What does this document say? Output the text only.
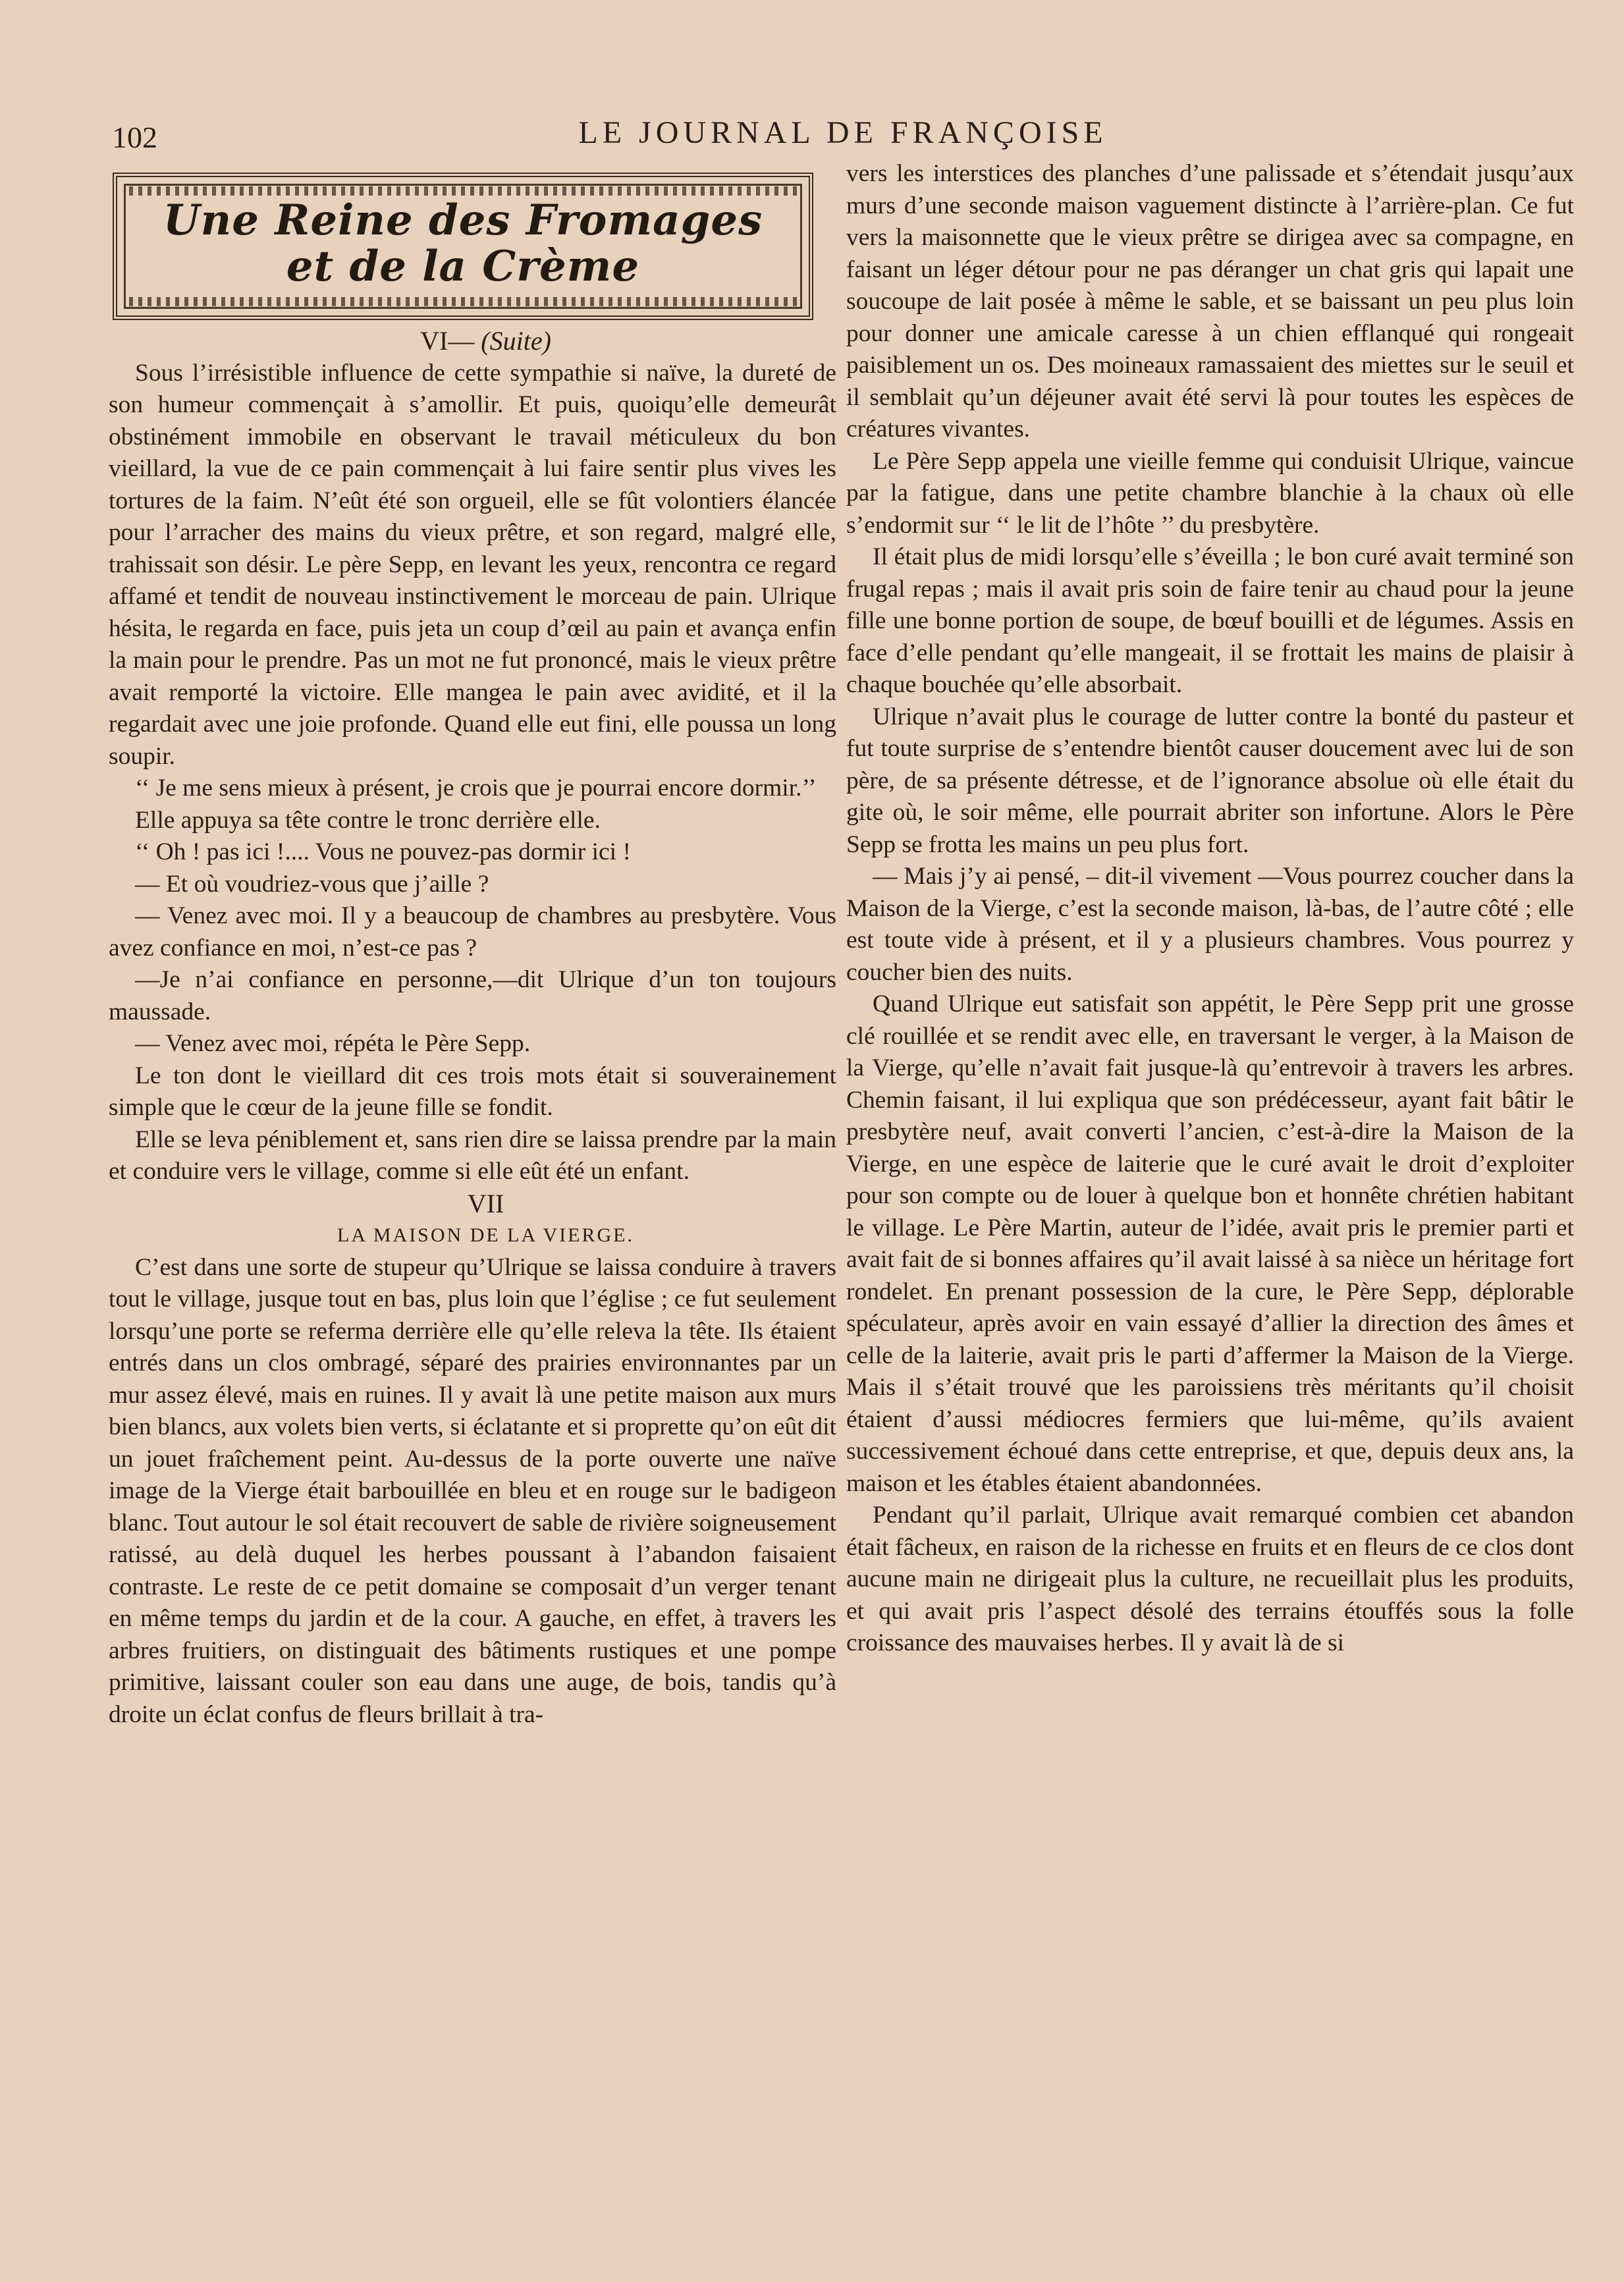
102	LE JOURNAL DE FRANÇOISE
Une Reine des Fromages
et de la Crème

VI— (Suite)

Sous l’irrésistible influence de cette sympathie si naïve, la dureté de son humeur commençait à s’amollir. Et puis, quoiqu’elle demeurât obstinément immobile en observant le travail méticuleux du bon vieillard, la vue de ce pain commençait à lui faire sentir plus vives les tortures de la faim. N’eût été son orgueil, elle se fût volontiers élancée pour l’arracher des mains du vieux prêtre, et son regard, malgré elle, trahissait son désir. Le père Sepp, en levant les yeux, rencontra ce regard affamé et tendit de nouveau instinctivement le morceau de pain. Ulrique hésita, le regarda en face, puis jeta un coup d’œil au pain et avança enfin la main pour le prendre. Pas un mot ne fut prononcé, mais le vieux prêtre avait remporté la victoire. Elle mangea le pain avec avidité, et il la regardait avec une joie profonde. Quand elle eut fini, elle poussa un long soupir.

‘‘ Je me sens mieux à présent, je crois que je pourrai encore dormir.’’

Elle appuya sa tête contre le tronc derrière elle.

‘‘ Oh ! pas ici !.... Vous ne pouvez-pas dormir ici !

— Et où voudriez-vous que j’aille ?

— Venez avec moi. Il y a beaucoup de chambres au presbytère. Vous avez confiance en moi, n’est-ce pas ?

—Je n’ai confiance en personne,—dit Ulrique d’un ton toujours maussade.

— Venez avec moi, répéta le Père Sepp.

Le ton dont le vieillard dit ces trois mots était si souverainement simple que le cœur de la jeune fille se fondit.

Elle se leva péniblement et, sans rien dire se laissa prendre par la main et conduire vers le village, comme si elle eût été un enfant.

VII

LA MAISON DE LA VIERGE.

C’est dans une sorte de stupeur qu’Ulrique se laissa conduire à travers tout le village, jusque tout en bas, plus loin que l’église ; ce fut seulement lorsqu’une porte se referma derrière elle qu’elle releva la tête. Ils étaient entrés dans un clos ombragé, séparé des prairies environnantes par un mur assez élevé, mais en ruines. Il y avait là une petite maison aux murs bien blancs, aux volets bien verts, si éclatante et si proprette qu’on eût dit un jouet fraîchement peint. Au-dessus de la porte ouverte une naïve image de la Vierge était barbouillée en bleu et en rouge sur le badigeon blanc. Tout autour le sol était recouvert de sable de rivière soigneusement ratissé, au delà duquel les herbes poussant à l’abandon faisaient contraste. Le reste de ce petit domaine se composait d’un verger tenant en même temps du jardin et de la cour. A gauche, en effet, à travers les arbres fruitiers, on distinguait des bâtiments rustiques et une pompe primitive, laissant couler son eau dans une auge, de bois, tandis qu’à droite un éclat confus de fleurs brillait à tra-

vers les interstices des planches d’une palissade et s’étendait jusqu’aux murs d’une seconde maison vaguement distincte à l’arrière-plan. Ce fut vers la maisonnette que le vieux prêtre se dirigea avec sa compagne, en faisant un léger détour pour ne pas déranger un chat gris qui lapait une soucoupe de lait posée à même le sable, et se baissant un peu plus loin pour donner une amicale caresse à un chien efflanqué qui rongeait paisiblement un os. Des moineaux ramassaient des miettes sur le seuil et il semblait qu’un déjeuner avait été servi là pour toutes les espèces de créatures vivantes.

Le Père Sepp appela une vieille femme qui conduisit Ulrique, vaincue par la fatigue, dans une petite chambre blanchie à la chaux où elle s’endormit sur ‘‘ le lit de l’hôte ’’ du presbytère.

Il était plus de midi lorsqu’elle s’éveilla ; le bon curé avait terminé son frugal repas ; mais il avait pris soin de faire tenir au chaud pour la jeune fille une bonne portion de soupe, de bœuf bouilli et de légumes. Assis en face d’elle pendant qu’elle mangeait, il se frottait les mains de plaisir à chaque bouchée qu’elle absorbait.

Ulrique n’avait plus le courage de lutter contre la bonté du pasteur et fut toute surprise de s’entendre bientôt causer doucement avec lui de son père, de sa présente détresse, et de l’ignorance absolue où elle était du gite où, le soir même, elle pourrait abriter son infortune. Alors le Père Sepp se frotta les mains un peu plus fort.

— Mais j’y ai pensé, – dit-il vivement —Vous pourrez coucher dans la Maison de la Vierge, c’est la seconde maison, là-bas, de l’autre côté ; elle est toute vide à présent, et il y a plusieurs chambres. Vous pourrez y coucher bien des nuits.

Quand Ulrique eut satisfait son appétit, le Père Sepp prit une grosse clé rouillée et se rendit avec elle, en traversant le verger, à la Maison de la Vierge, qu’elle n’avait fait jusque-là qu’entrevoir à travers les arbres. Chemin faisant, il lui expliqua que son prédécesseur, ayant fait bâtir le presbytère neuf, avait converti l’ancien, c’est-à-dire la Maison de la Vierge, en une espèce de laiterie que le curé avait le droit d’exploiter pour son compte ou de louer à quelque bon et honnête chrétien habitant le village. Le Père Martin, auteur de l’idée, avait pris le premier parti et avait fait de si bonnes affaires qu’il avait laissé à sa nièce un héritage fort rondelet. En prenant possession de la cure, le Père Sepp, déplorable spéculateur, après avoir en vain essayé d’allier la direction des âmes et celle de la laiterie, avait pris le parti d’affermer la Maison de la Vierge. Mais il s’était trouvé que les paroissiens très méritants qu’il choisit étaient d’aussi médiocres fermiers que lui-même, qu’ils avaient successivement échoué dans cette entreprise, et que, depuis deux ans, la maison et les étables étaient abandonnées.

Pendant qu’il parlait, Ulrique avait remarqué combien cet abandon était fâcheux, en raison de la richesse en fruits et en fleurs de ce clos dont aucune main ne dirigeait plus la culture, ne recueillait plus les produits, et qui avait pris l’aspect désolé des terrains étouffés sous la folle croissance des mauvaises herbes. Il y avait là de si
